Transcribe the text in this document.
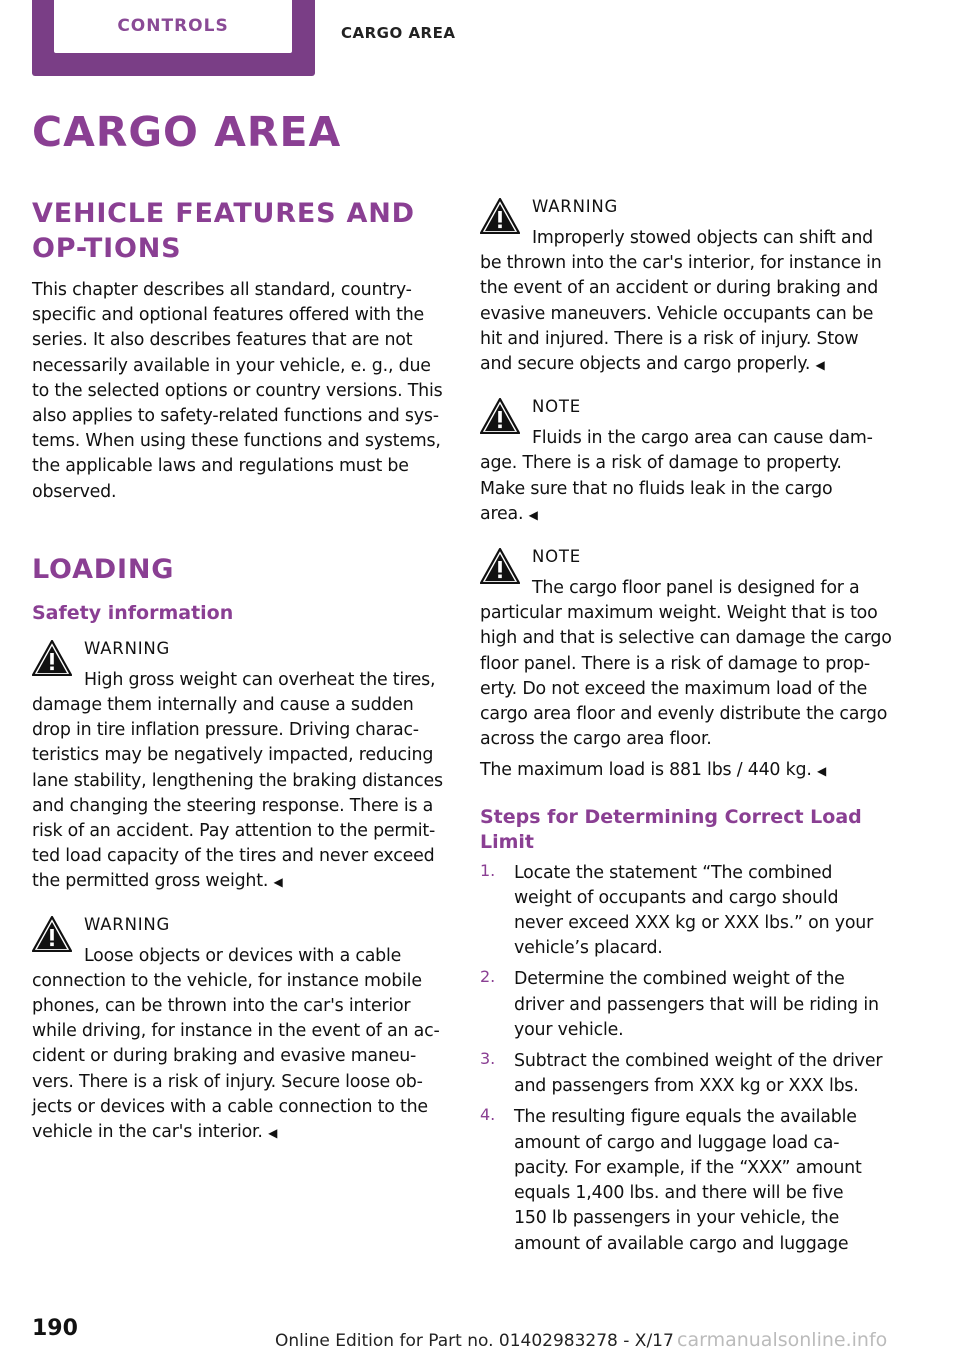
CONTROLS	CARGO AREA
CARGO AREA
VEHICLE FEATURES AND OP-TIONS

This chapter describes all standard, country-

specific and optional features offered with the

series. It also describes features that are not

necessarily available in your vehicle, e. g., due

to the selected options or country versions. This

also applies to safety-related functions and sys-

tems. When using these functions and systems,

the applicable laws and regulations must be

observed.

LOADING
Safety information
WARNING

High gross weight can overheat the tires,

damage them internally and cause a sudden

drop in tire inflation pressure. Driving charac-

teristics may be negatively impacted, reducing

lane stability, lengthening the braking distances

and changing the steering response. There is a

risk of an accident. Pay attention to the permit-

ted load capacity of the tires and never exceed

the permitted gross weight. ◀

WARNING

Loose objects or devices with a cable

connection to the vehicle, for instance mobile

phones, can be thrown into the car's interior

while driving, for instance in the event of an ac-

cident or during braking and evasive maneu-

vers. There is a risk of injury. Secure loose ob-

jects or devices with a cable connection to the

vehicle in the car's interior. ◀

WARNING

Improperly stowed objects can shift and

be thrown into the car's interior, for instance in

the event of an accident or during braking and

evasive maneuvers. Vehicle occupants can be

hit and injured. There is a risk of injury. Stow

and secure objects and cargo properly. ◀

NOTE

Fluids in the cargo area can cause dam-

age. There is a risk of damage to property.

Make sure that no fluids leak in the cargo

area. ◀

NOTE

The cargo floor panel is designed for a

particular maximum weight. Weight that is too

high and that is selective can damage the cargo

floor panel. There is a risk of damage to prop-

erty. Do not exceed the maximum load of the

cargo area floor and evenly distribute the cargo

across the cargo area floor.

The maximum load is 881 lbs / 440 kg. ◀

Steps for Determining Correct Load
Limit
1. Locate the statement “The combined

weight of occupants and cargo should

never exceed XXX kg or XXX lbs.” on your

vehicle’s placard.

2. Determine the combined weight of the

driver and passengers that will be riding in

your vehicle.

3. Subtract the combined weight of the driver

and passengers from XXX kg or XXX lbs.

4. The resulting figure equals the available

amount of cargo and luggage load ca-

pacity. For example, if the “XXX” amount

equals 1,400 lbs. and there will be five

150 lb passengers in your vehicle, the

amount of available cargo and luggage

190	Online Edition for Part no. 01402983278 - X/17 carmanualsonline.info
